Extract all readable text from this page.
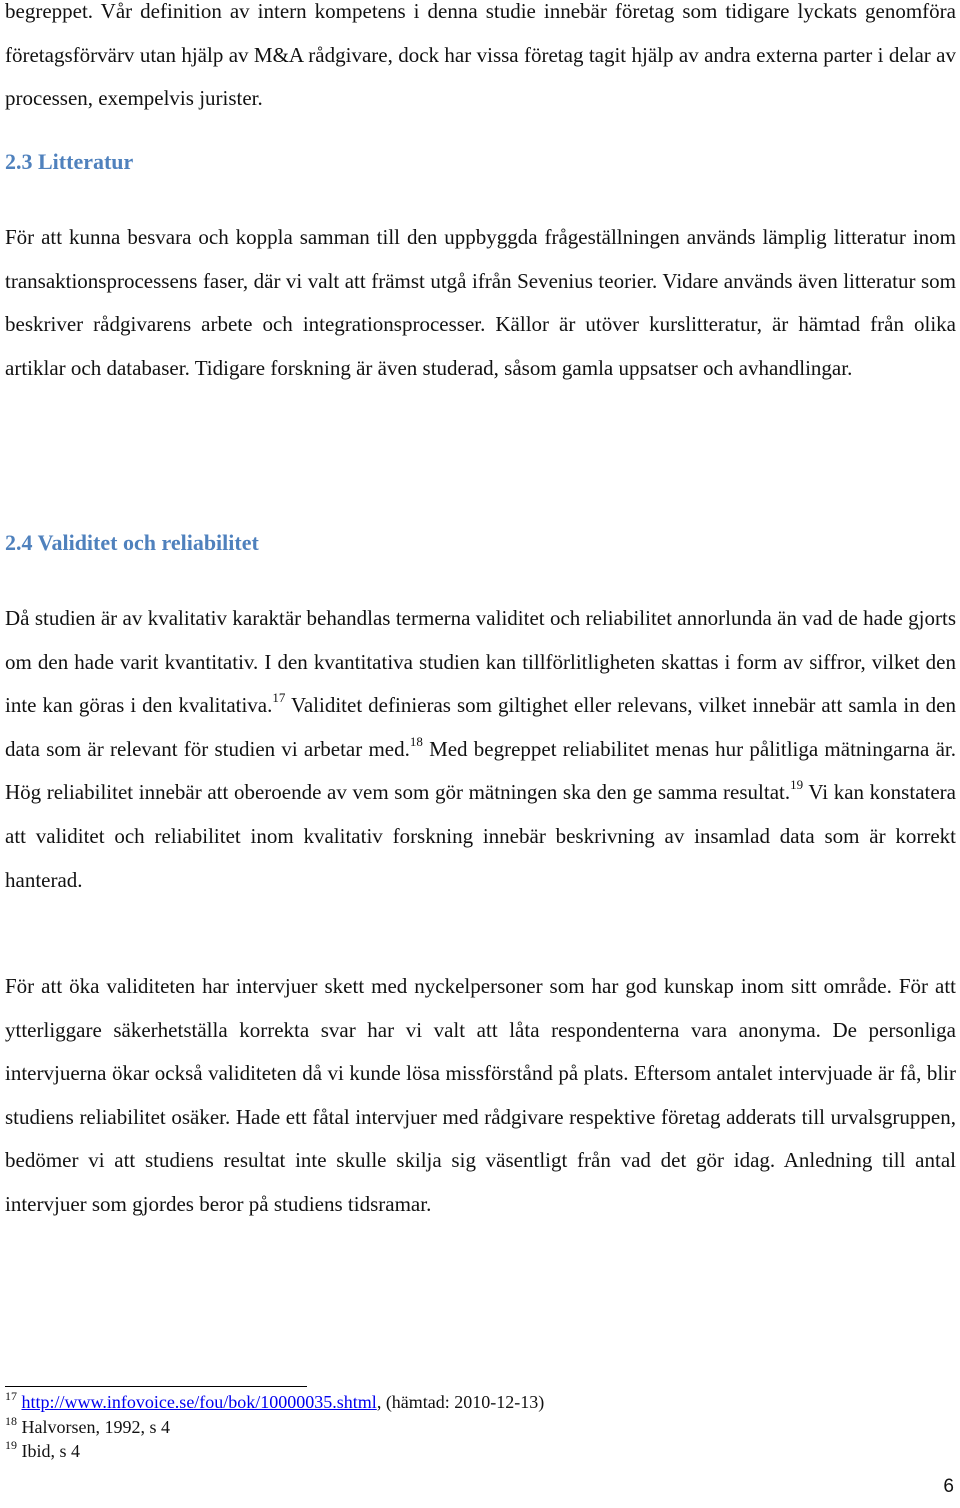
begreppet. Vår definition av intern kompetens i denna studie innebär företag som tidigare lyckats genomföra företagsförvärv utan hjälp av M&A rådgivare, dock har vissa företag tagit hjälp av andra externa parter i delar av processen, exempelvis jurister.

2.3 Litteratur

För att kunna besvara och koppla samman till den uppbyggda frågeställningen används lämplig litteratur inom transaktionsprocessens faser, där vi valt att främst utgå ifrån Sevenius teorier. Vidare används även litteratur som beskriver rådgivarens arbete och integrationsprocesser. Källor är utöver kurslitteratur, är hämtad från olika artiklar och databaser. Tidigare forskning är även studerad, såsom gamla uppsatser och avhandlingar.

2.4 Validitet och reliabilitet

Då studien är av kvalitativ karaktär behandlas termerna validitet och reliabilitet annorlunda än vad de hade gjorts om den hade varit kvantitativ. I den kvantitativa studien kan tillförlitligheten skattas i form av siffror, vilket den inte kan göras i den kvalitativa.$^{17}$ Validitet definieras som giltighet eller relevans, vilket innebär att samla in den data som är relevant för studien vi arbetar med.$^{18}$ Med begreppet reliabilitet menas hur pålitliga mätningarna är. Hög reliabilitet innebär att oberoende av vem som gör mätningen ska den ge samma resultat.$^{19}$ Vi kan konstatera att validitet och reliabilitet inom kvalitativ forskning innebär beskrivning av insamlad data som är korrekt hanterad.

För att öka validiteten har intervjuer skett med nyckelpersoner som har god kunskap inom sitt område. För att ytterliggare säkerhetställa korrekta svar har vi valt att låta respondenterna vara anonyma. De personliga intervjuerna ökar också validiteten då vi kunde lösa missförstånd på plats. Eftersom antalet intervjuade är få, blir studiens reliabilitet osäker. Hade ett fåtal intervjuer med rådgivare respektive företag adderats till urvalsgruppen, bedömer vi att studiens resultat inte skulle skilja sig väsentligt från vad det gör idag. Anledning till antal intervjuer som gjordes beror på studiens tidsramar.

$^{17}$ http://www.infovoice.se/fou/bok/10000035.shtml, (hämtad: 2010-12-13)
$^{18}$ Halvorsen, 1992, s 4
$^{19}$ Ibid, s 4
6
